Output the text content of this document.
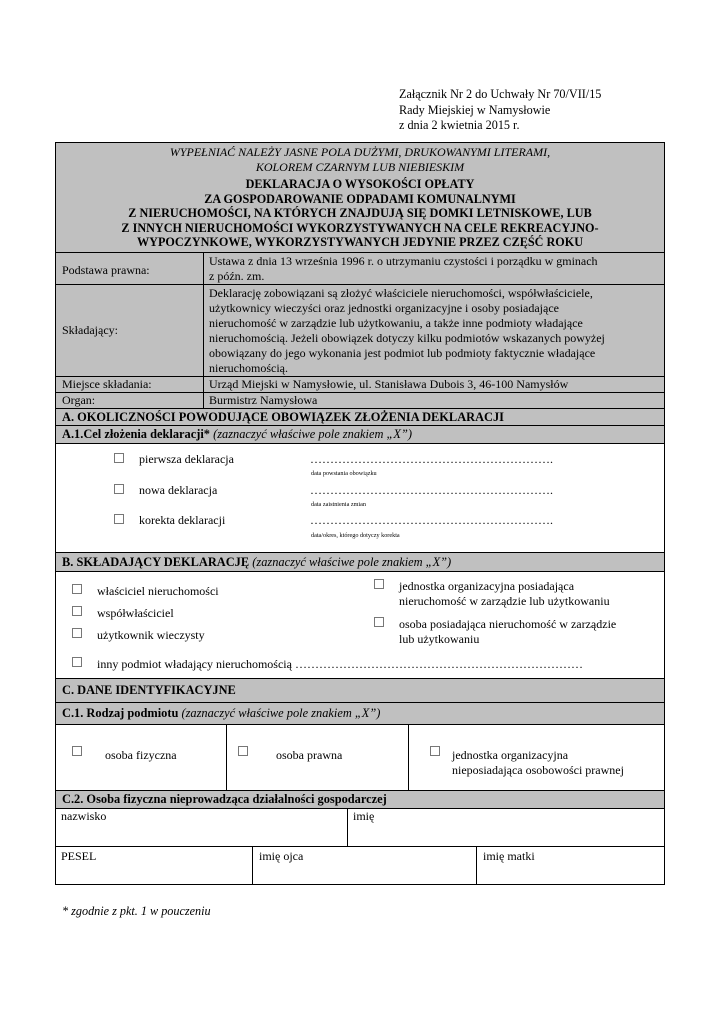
Załącznik Nr 2 do Uchwały Nr 70/VII/15
Rady Miejskiej w Namysłowie
z dnia 2 kwietnia 2015 r.
WYPEŁNIAĆ NALEŻY JASNE POLA DUŻYMI, DRUKOWANYMI LITERAMI,
KOLOREM CZARNYM LUB NIEBIESKIM
DEKLARACJA O WYSOKOŚCI OPŁATY
ZA GOSPODAROWANIE ODPADAMI KOMUNALNYMI
Z NIERUCHOMOŚCI, NA KTÓRYCH ZNAJDUJĄ SIĘ DOMKI LETNISKOWE, LUB
Z INNYCH NIERUCHOMOŚCI WYKORZYSTYWANYCH NA CELE REKREACYJNO-
WYPOCZYNKOWE, WYKORZYSTYWANYCH JEDYNIE PRZEZ CZĘŚĆ ROKU
Podstawa prawna:
Ustawa z dnia 13 września 1996 r. o utrzymaniu czystości i porządku w gminach
z późn. zm.
Składający:
Deklarację zobowiązani są złożyć właściciele nieruchomości, współwłaściciele,
użytkownicy wieczyści oraz jednostki organizacyjne i osoby posiadające
nieruchomość w zarządzie lub użytkowaniu, a także inne podmioty władające
nieruchomością. Jeżeli obowiązek dotyczy kilku podmiotów wskazanych powyżej
obowiązany do jego wykonania jest podmiot lub podmioty faktycznie władające
nieruchomością.
Miejsce składania:	Urząd Miejski w Namysłowie, ul. Stanisława Dubois 3, 46-100 Namysłów
Organ:	Burmistrz Namysłowa
A. OKOLICZNOŚCI POWODUJĄCE OBOWIĄZEK ZŁOŻENIA DEKLARACJI
A.1.Cel złożenia deklaracji* (zaznaczyć właściwe pole znakiem „X”)
pierwsza deklaracja	…………………………………………………….
data powstania obowiązku
nowa deklaracja	…………………………………………………….
data zaistnienia zmian
korekta deklaracji	…………………………………………………….
data/okres, którego dotyczy korekta
B. SKŁADAJĄCY DEKLARACJĘ (zaznaczyć właściwe pole znakiem „X”)
właściciel nieruchomości
współwłaściciel
użytkownik wieczysty
jednostka organizacyjna posiadająca
nieruchomość w zarządzie lub użytkowaniu
osoba posiadająca nieruchomość w zarządzie
lub użytkowaniu
inny podmiot władający nieruchomością ………………………………………………………………
C. DANE IDENTYFIKACYJNE
C.1. Rodzaj podmiotu (zaznaczyć właściwe pole znakiem „X”)
osoba fizyczna	osoba prawna	jednostka organizacyjna
nieposiadająca osobowości prawnej
C.2. Osoba fizyczna nieprowadząca działalności gospodarczej
nazwisko	imię
PESEL	imię ojca	imię matki
* zgodnie z pkt. 1 w pouczeniu
